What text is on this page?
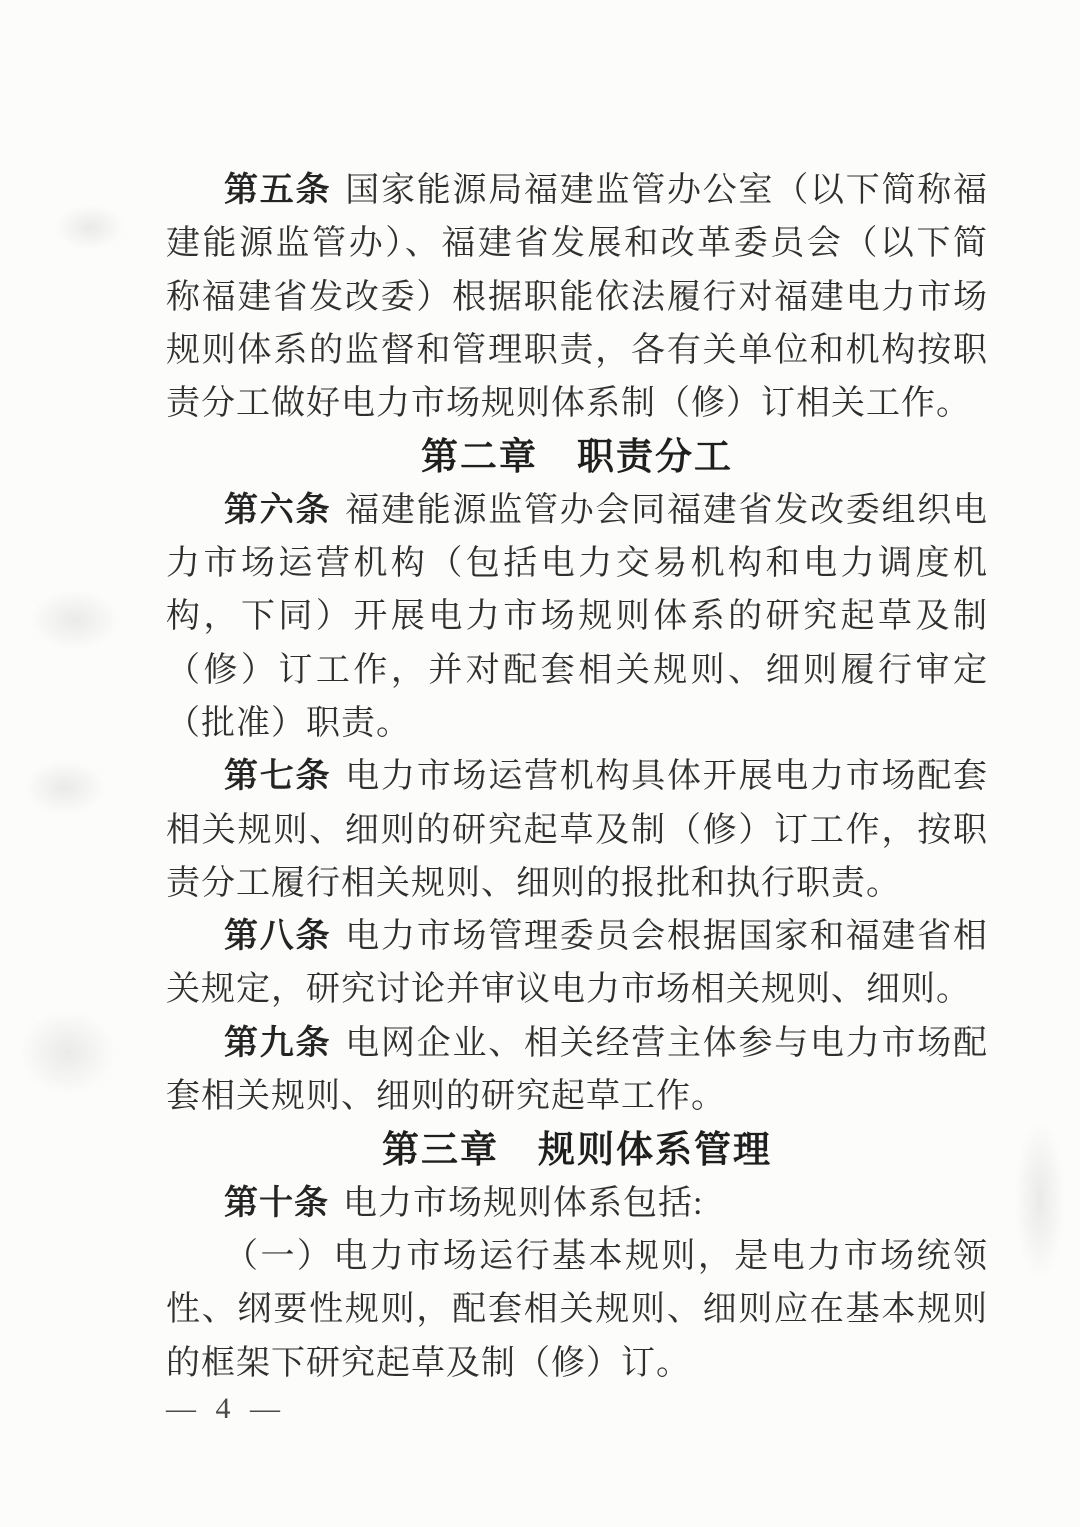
第五条 国家能源局福建监管办公室（以下简称福建能源监管办）、福建省发展和改革委员会（以下简称福建省发改委）根据职能依法履行对福建电力市场规则体系的监督和管理职责，各有关单位和机构按职责分工做好电力市场规则体系制（修）订相关工作。

第二章　职责分工

第六条 福建能源监管办会同福建省发改委组织电力市场运营机构（包括电力交易机构和电力调度机构，下同）开展电力市场规则体系的研究起草及制（修）订工作，并对配套相关规则、细则履行审定（批准）职责。

第七条 电力市场运营机构具体开展电力市场配套相关规则、细则的研究起草及制（修）订工作，按职责分工履行相关规则、细则的报批和执行职责。

第八条 电力市场管理委员会根据国家和福建省相关规定，研究讨论并审议电力市场相关规则、细则。

第九条 电网企业、相关经营主体参与电力市场配套相关规则、细则的研究起草工作。

第三章　规则体系管理

第十条 电力市场规则体系包括:

（一）电力市场运行基本规则，是电力市场统领性、纲要性规则，配套相关规则、细则应在基本规则的框架下研究起草及制（修）订。

— 4 —
